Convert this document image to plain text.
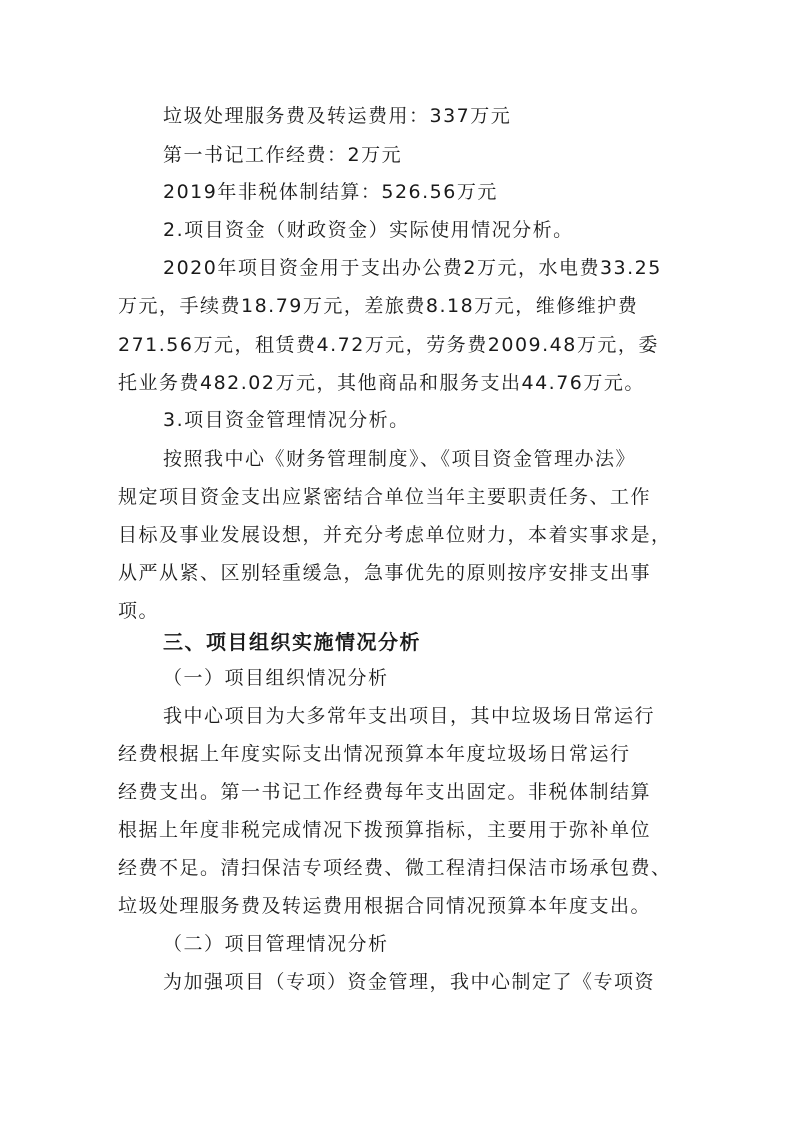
垃圾处理服务费及转运费用：337万元
第一书记工作经费：2万元
2019年非税体制结算：526.56万元
2.项目资金（财政资金）实际使用情况分析。
2020年项目资金用于支出办公费2万元，水电费33.25
万元，手续费18.79万元，差旅费8.18万元，维修维护费
271.56万元，租赁费4.72万元，劳务费2009.48万元，委
托业务费482.02万元，其他商品和服务支出44.76万元。
3.项目资金管理情况分析。
按照我中心《财务管理制度》、《项目资金管理办法》
规定项目资金支出应紧密结合单位当年主要职责任务、工作
目标及事业发展设想，并充分考虑单位财力，本着实事求是，
从严从紧、区别轻重缓急，急事优先的原则按序安排支出事
项。
三、项目组织实施情况分析
（一）项目组织情况分析
我中心项目为大多常年支出项目，其中垃圾场日常运行
经费根据上年度实际支出情况预算本年度垃圾场日常运行
经费支出。第一书记工作经费每年支出固定。非税体制结算
根据上年度非税完成情况下拨预算指标，主要用于弥补单位
经费不足。清扫保洁专项经费、微工程清扫保洁市场承包费、
垃圾处理服务费及转运费用根据合同情况预算本年度支出。
（二）项目管理情况分析
为加强项目（专项）资金管理，我中心制定了《专项资
